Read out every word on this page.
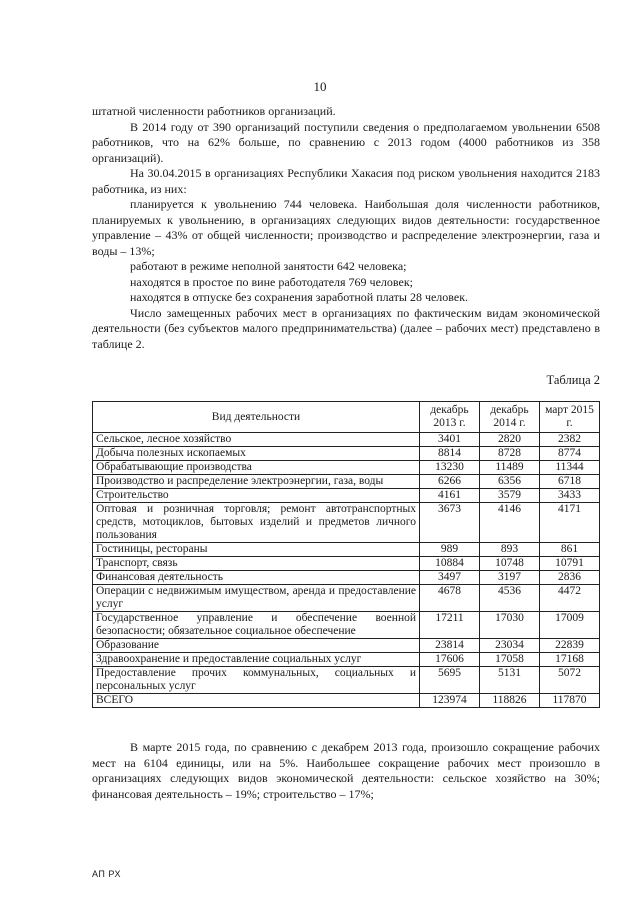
10

штатной численности работников организаций.

В 2014 году от 390 организаций поступили сведения о предполагаемом увольнении 6508 работников, что на 62% больше, по сравнению с 2013 годом (4000 работников из 358 организаций).

На 30.04.2015 в организациях Республики Хакасия под риском увольнения находится 2183 работника, из них:

планируется к увольнению 744 человека. Наибольшая доля численности работников, планируемых к увольнению, в организациях следующих видов деятельности: государственное управление – 43% от общей численности; производство и распределение электроэнергии, газа и воды – 13%;

работают в режиме неполной занятости 642 человека;

находятся в простое по вине работодателя 769 человек;

находятся в отпуске без сохранения заработной платы 28 человек.

Число замещенных рабочих мест в организациях по фактическим видам экономической деятельности (без субъектов малого предпринимательства) (далее – рабочих мест) представлено в таблице 2.

Таблица 2
Вид деятельности	декабрь 2013 г.	декабрь 2014 г.	март 2015 г.
Сельское, лесное хозяйство	3401	2820	2382
Добыча полезных ископаемых	8814	8728	8774
Обрабатывающие производства	13230	11489	11344
Производство и распределение электроэнергии, газа, воды	6266	6356	6718
Строительство	4161	3579	3433
Оптовая и розничная торговля; ремонт автотранспортных средств, мотоциклов, бытовых изделий и предметов личного пользования	3673	4146	4171
Гостиницы, рестораны	989	893	861
Транспорт, связь	10884	10748	10791
Финансовая деятельность	3497	3197	2836
Операции с недвижимым имуществом, аренда и предоставление услуг	4678	4536	4472
Государственное управление и обеспечение военной безопасности; обязательное социальное обеспечение	17211	17030	17009
Образование	23814	23034	22839
Здравоохранение и предоставление социальных услуг	17606	17058	17168
Предоставление прочих коммунальных, социальных и персональных услуг	5695	5131	5072
ВСЕГО	123974	118826	117870

В марте 2015 года, по сравнению с декабрем 2013 года, произошло сокращение рабочих мест на 6104 единицы, или на 5%. Наибольшее сокращение рабочих мест произошло в организациях следующих видов экономической деятельности: сельское хозяйство на 30%; финансовая деятельность – 19%; строительство – 17%;

АП РХ
